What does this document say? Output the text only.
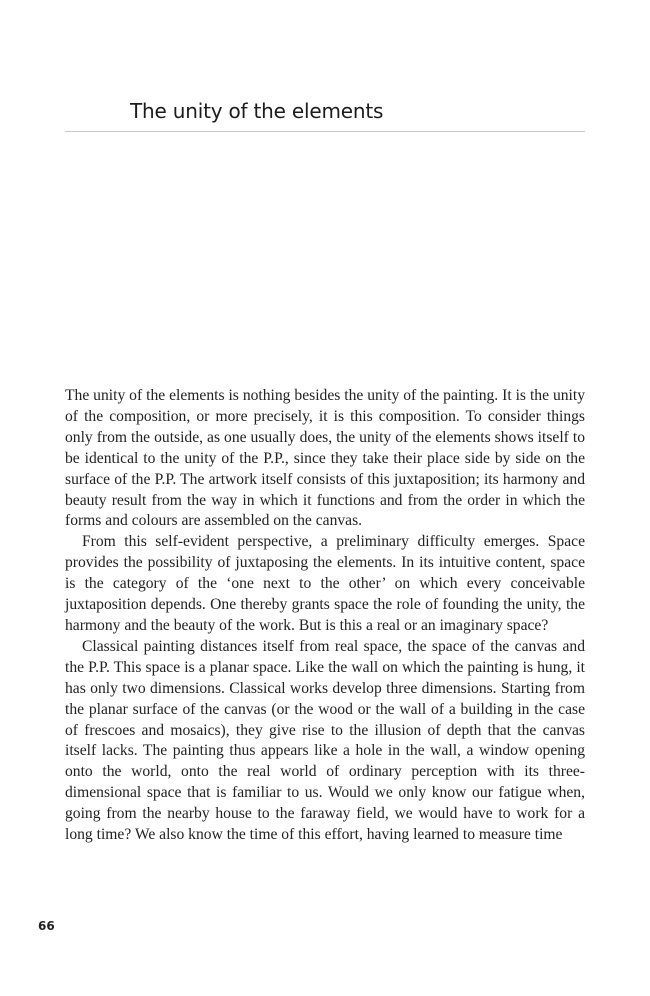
The unity of the elements

The unity of the elements is nothing besides the unity of the painting. It is the unity of the composition, or more precisely, it is this composition. To consider things only from the outside, as one usually does, the unity of the elements shows itself to be identical to the unity of the P.P., since they take their place side by side on the surface of the P.P. The artwork itself consists of this juxtaposition; its harmony and beauty result from the way in which it functions and from the order in which the forms and colours are assembled on the canvas.

From this self-evident perspective, a preliminary difficulty emerges. Space provides the possibility of juxtaposing the elements. In its intuitive content, space is the category of the ‘one next to the other’ on which every conceivable juxtaposition depends. One thereby grants space the role of founding the unity, the harmony and the beauty of the work. But is this a real or an imaginary space?

Classical painting distances itself from real space, the space of the canvas and the P.P. This space is a planar space. Like the wall on which the painting is hung, it has only two dimensions. Classical works develop three dimensions. Starting from the planar surface of the canvas (or the wood or the wall of a building in the case of frescoes and mosaics), they give rise to the illusion of depth that the canvas itself lacks. The painting thus appears like a hole in the wall, a window opening onto the world, onto the real world of ordinary perception with its three-dimensional space that is familiar to us. Would we only know our fatigue when, going from the nearby house to the faraway field, we would have to work for a long time? We also know the time of this effort, having learned to measure time

66
